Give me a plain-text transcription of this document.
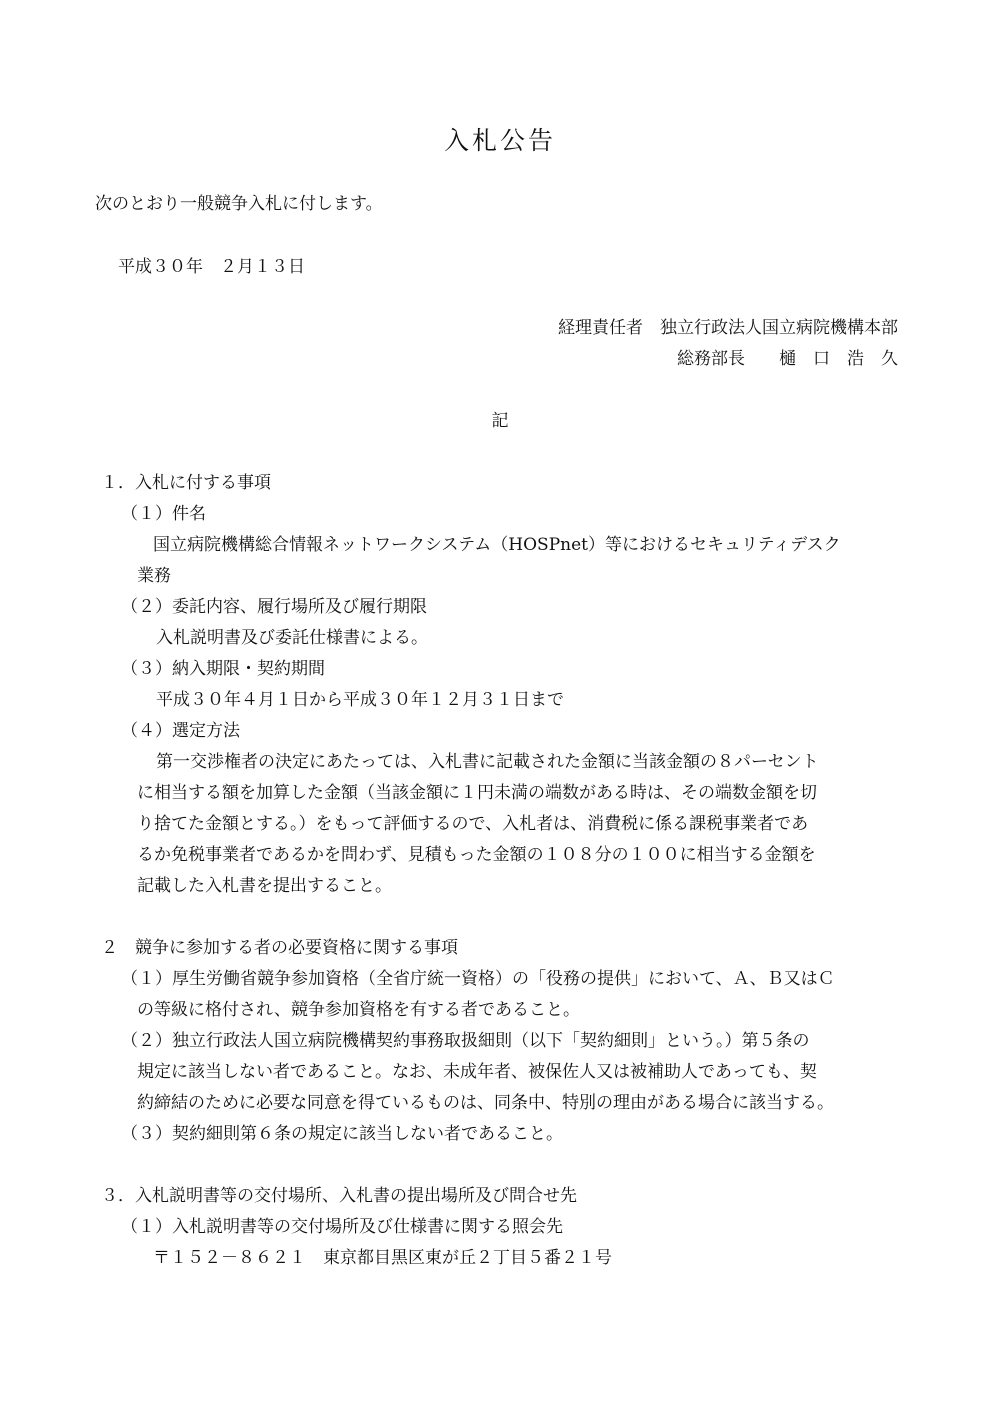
入札公告
次のとおり一般競争入札に付します。
平成３０年　２月１３日
経理責任者　独立行政法人国立病院機構本部
総務部長　　樋　口　浩　久
記
１．入札に付する事項
（１）件名
国立病院機構総合情報ネットワークシステム（HOSPnet）等におけるセキュリティデスク
業務
（２）委託内容、履行場所及び履行期限
入札説明書及び委託仕様書による。
（３）納入期限・契約期間
平成３０年４月１日から平成３０年１２月３１日まで
（４）選定方法
第一交渉権者の決定にあたっては、入札書に記載された金額に当該金額の８パーセント
に相当する額を加算した金額（当該金額に１円未満の端数がある時は、その端数金額を切
り捨てた金額とする。）をもって評価するので、入札者は、消費税に係る課税事業者であ
るか免税事業者であるかを問わず、見積もった金額の１０８分の１００に相当する金額を
記載した入札書を提出すること。
２　競争に参加する者の必要資格に関する事項
（１）厚生労働省競争参加資格（全省庁統一資格）の「役務の提供」において、Ａ、Ｂ又はＣ
の等級に格付され、競争参加資格を有する者であること。
（２）独立行政法人国立病院機構契約事務取扱細則（以下「契約細則」という。）第５条の
規定に該当しない者であること。なお、未成年者、被保佐人又は被補助人であっても、契
約締結のために必要な同意を得ているものは、同条中、特別の理由がある場合に該当する。
（３）契約細則第６条の規定に該当しない者であること。
３．入札説明書等の交付場所、入札書の提出場所及び問合せ先
（１）入札説明書等の交付場所及び仕様書に関する照会先
〒１５２－８６２１　東京都目黒区東が丘２丁目５番２１号
